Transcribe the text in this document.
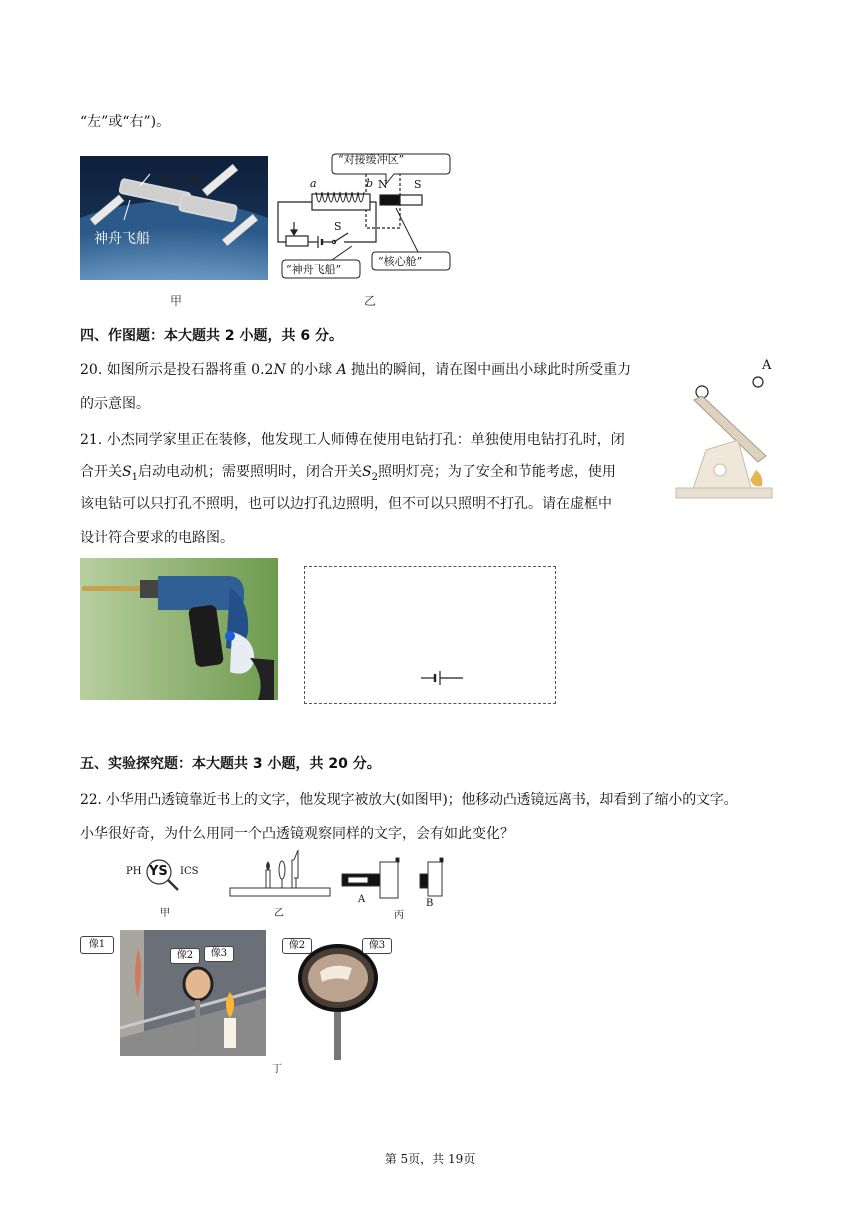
“左”或“右”)。
核心舱
神舟飞船
甲
“对接缓冲区”
a	b N S
S
“神舟飞船”
“核心舱”
乙
四、作图题：本大题共 2 小题，共 6 分。
20. 如图所示是投石器将重 0.2N 的小球 A 抛出的瞬间，请在图中画出小球此时所受重力
的示意图。
A
21. 小杰同学家里正在装修，他发现工人师傅在使用电钻打孔：单独使用电钻打孔时，闭
合开关$S_1$启动电动机；需要照明时，闭合开关$S_2$照明灯亮；为了安全和节能考虑，使用
该电钻可以只打孔不照明，也可以边打孔边照明，但不可以只照明不打孔。请在虚框中
设计符合要求的电路图。
五、实验探究题：本大题共 3 小题，共 20 分。
22. 小华用凸透镜靠近书上的文字，他发现字被放大(如图甲)；他移动凸透镜远离书，却看到了缩小的文字。
小华很好奇，为什么用同一个凸透镜观察同样的文字，会有如此变化？
PH YS ICS
甲	乙
A	B
丙
像1
像2	像3
像2	像3
丁
第 5页，共 19页
